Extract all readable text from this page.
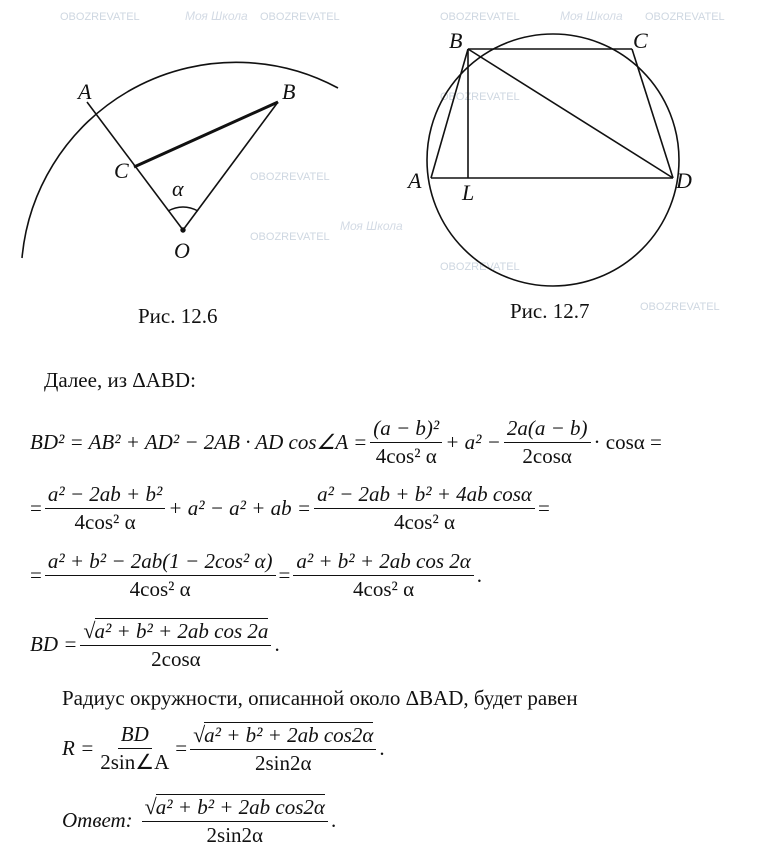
OBOZREVATEL	Моя Школа OBOZREVATEL	OBOZREVATEL	Моя Школа OBOZREVATEL
OBOZREVATEL
OBOZREVATEL
Моя Школа
OBOZREVATEL
OBOZREVATEL
OBOZREVATEL
A	B
C
O
α
Рис. 12.6
B	C
A	D
L
Рис. 12.7
Далее, из ΔABD:
BD² = AB² + AD² − 2AB · AD cos∠A = $\frac{\text{(a − b)²}}{\text{4cos² α}} + a^2 - \frac{2a(a - b)}{2\cos\alpha} \cdot \cos\alpha$ =
= $\frac{\text{a² − 2ab + b²}}{\text{4cos² α}} + a^2 - a^2$ + ab = $\frac{\text{a² − 2ab + b² + 4ab cosα}}{\text{4cos² α}}$ =
= $\frac{\text{a² + b² − 2ab(1 − 2cos² α)}}{\text{4cos² α}} = \frac{\text{a² + b² + 2ab cos 2α}}{\text{4cos² α}}$ .
BD = $\frac{\text{√a² + b² + 2ab cos 2a}}{2\cos\alpha}$ .
Радиус окружности, описанной около ΔBAD, будет равен
$R = \frac{BD}{2\sin\angle A} = \frac{\text{√a² + b² + 2ab cos2α}}{2\sin 2\alpha}$ .
Ответ: $\frac{\text{√a² + b² + 2ab cos2α}}{2\sin 2\alpha}$ .
